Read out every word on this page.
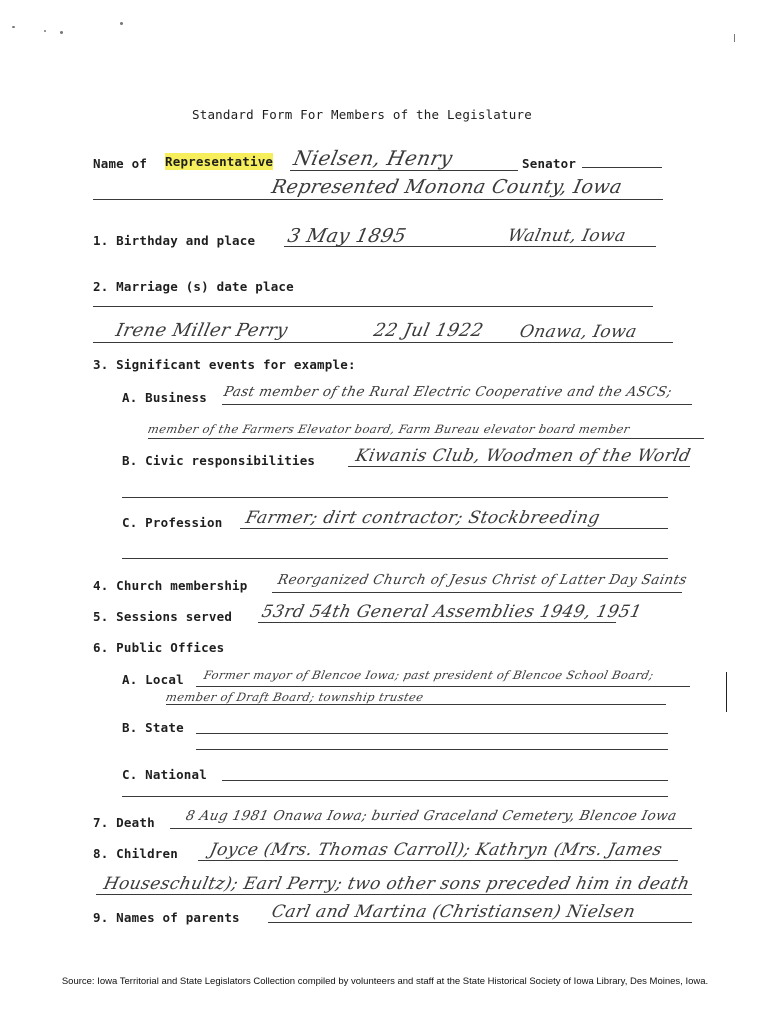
Standard Form For Members of the Legislature
Name of Representative Nielsen, Henry	Senator
Represented Monona County, Iowa
1. Birthday and place 3 May 1895	Walnut, Iowa
2. Marriage (s) date place
Irene Miller Perry	22 Jul 1922 Onawa, Iowa
3. Significant events for example:
A. Business Past member of the Rural Electric Cooperative and the ASCS;
member of the Farmers Elevator board, Farm Bureau elevator board member
B. Civic responsibilities Kiwanis Club, Woodmen of the World
C. Profession Farmer; dirt contractor; Stockbreeding
4. Church membership Reorganized Church of Jesus Christ of Latter Day Saints
5. Sessions served 53rd 54th General Assemblies 1949, 1951
6. Public Offices
A. Local Former mayor of Blencoe Iowa; past president of Blencoe School Board;
member of Draft Board; township trustee
B. State
C. National
7. Death 8 Aug 1981 Onawa Iowa; buried Graceland Cemetery, Blencoe Iowa
8. Children Joyce (Mrs. Thomas Carroll); Kathryn (Mrs. James
Houseschultz); Earl Perry; two other sons preceded him in death
9. Names of parents Carl and Martina (Christiansen) Nielsen
Source: Iowa Territorial and State Legislators Collection compiled by volunteers and staff at the State Historical Society of Iowa Library, Des Moines, Iowa.
